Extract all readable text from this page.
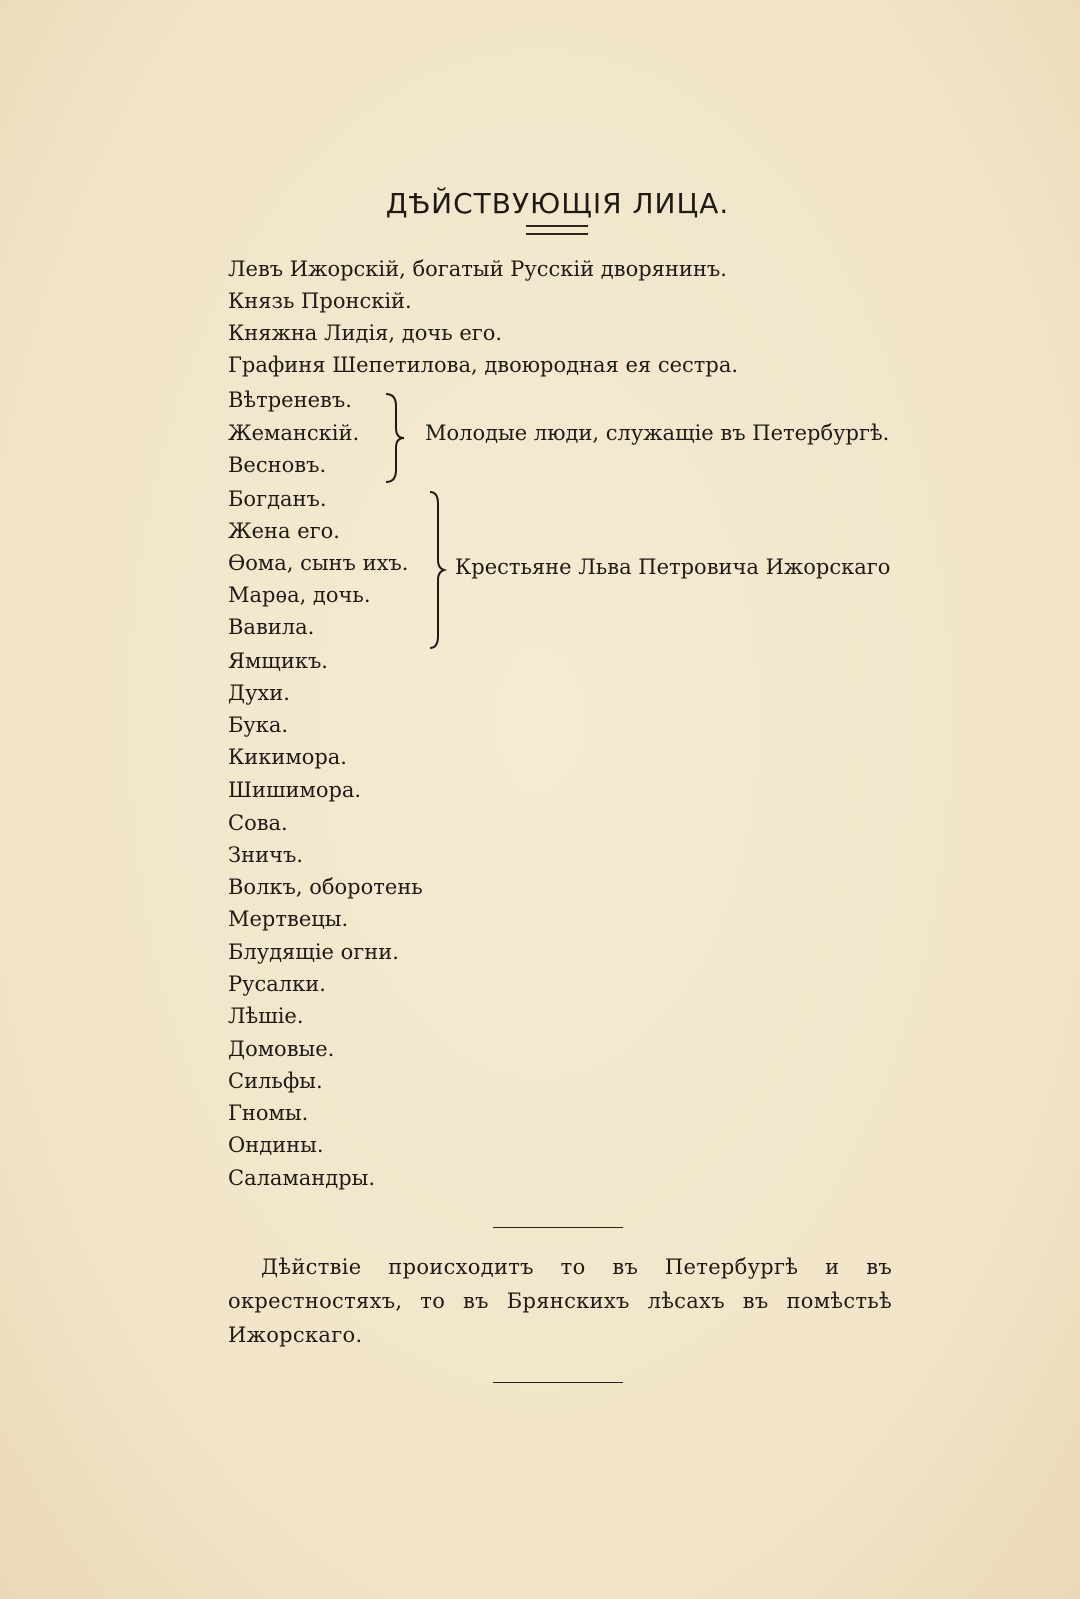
ДѢЙСТВУЮЩІЯ ЛИЦА.
Левъ Ижорскій, богатый Русскій дворянинъ.
Князь Пронскій.
Княжна Лидія, дочь его.
Графиня Шепетилова, двоюродная ея сестра.
Вѣтреневъ.
Жеманскій.
Весновъ.
Богданъ.
Жена его.
Ѳома, сынъ ихъ.
Марѳа, дочь.
Вавила.
Ямщикъ.
Духи.
Бука.
Кикимора.
Шишимора.
Сова.
Зничъ.
Волкъ, оборотень
Мертвецы.
Блудящіе огни.
Русалки.
Лѣшіе.
Домовые.
Сильфы.
Гномы.
Ондины.
Саламандры.
Молодые люди, служащіе въ Петербургѣ.
Крестьяне Льва Петровича Ижорскаго

Дѣйствіе происходитъ то въ Петербургѣ и въ окрестностяхъ, то въ Брянскихъ лѣсахъ въ помѣстьѣ Ижорскаго.
